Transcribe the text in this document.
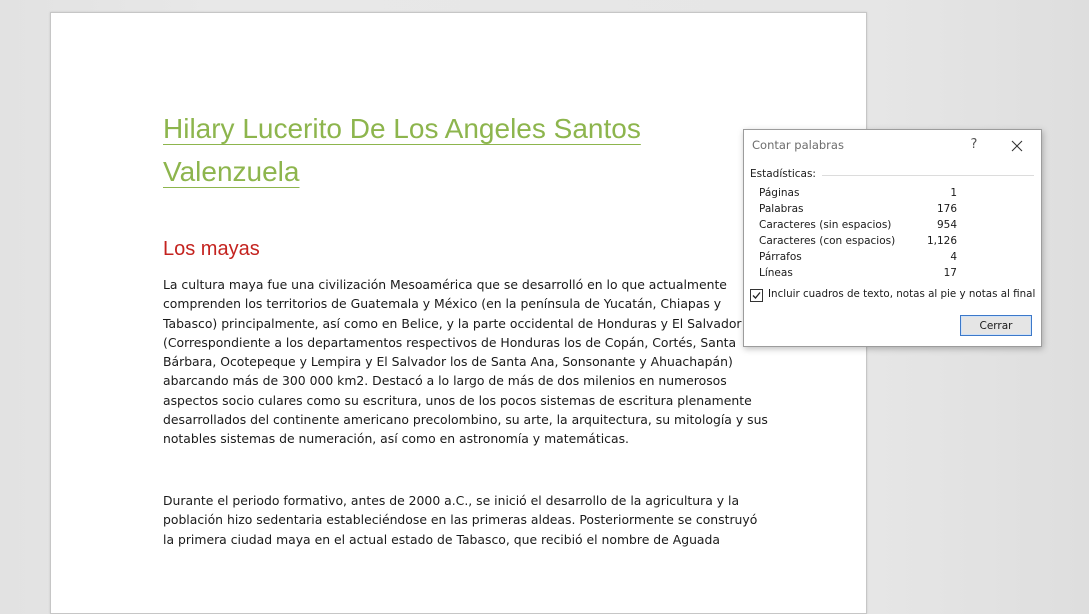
Hilary Lucerito De Los Angeles Santos Valenzuela
Los mayas

La cultura maya fue una civilización Mesoamérica que se desarrolló en lo que actualmente comprenden los territorios de Guatemala y México (en la península de Yucatán, Chiapas y Tabasco) principalmente, así como en Belice, y la parte occidental de Honduras y El Salvador (Correspondiente a los departamentos respectivos de Honduras los de Copán, Cortés, Santa Bárbara, Ocotepeque y Lempira y El Salvador los de Santa Ana, Sonsonante y Ahuachapán) abarcando más de 300 000 km2. Destacó a lo largo de más de dos milenios en numerosos aspectos socio culares como su escritura, unos de los pocos sistemas de escritura plenamente desarrollados del continente americano precolombino, su arte, la arquitectura, su mitología y sus notables sistemas de numeración, así como en astronomía y matemáticas.

Durante el periodo formativo, antes de 2000 a.C., se inició el desarrollo de la agricultura y la población hizo sedentaria estableciéndose en las primeras aldeas. Posteriormente se construyó la primera ciudad maya en el actual estado de Tabasco, que recibió el nombre de Aguada

Contar palabras	?
Estadísticas:
Páginas	1
Palabras	176
Caracteres (sin espacios)	954
Caracteres (con espacios)	1,126
Párrafos	4
Líneas	17
Incluir cuadros de texto, notas al pie y notas al final
Cerrar
